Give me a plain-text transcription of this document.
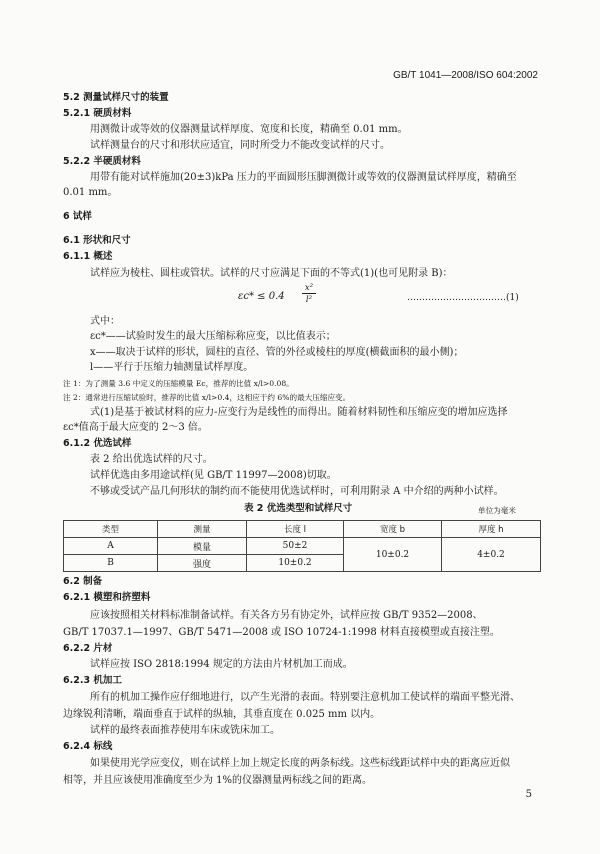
GB/T 1041—2008/ISO 604:2002
5.2 测量试样尺寸的装置
5.2.1 硬质材料
用测微计或等效的仪器测量试样厚度、宽度和长度，精确至 0.01 mm。
试样测量台的尺寸和形状应适宜，同时所受力不能改变试样的尺寸。
5.2.2 半硬质材料
用带有能对试样施加(20±3)kPa 压力的平面圆形压脚测微计或等效的仪器测量试样厚度，精确至
0.01 mm。
6 试样
6.1 形状和尺寸
6.1.1 概述
试样应为棱柱、圆柱或管状。试样的尺寸应满足下面的不等式(1)(也可见附录 B)：
εc* ≤ 0.4
x²
l²	……………………………(1)
式中：
εc*——试验时发生的最大压缩标称应变，以比值表示；
x——取决于试样的形状，圆柱的直径、管的外径或棱柱的厚度(横截面积的最小侧)；
l——平行于压缩力轴测量试样厚度。
注 1：为了测量 3.6 中定义的压缩模量 Ec，推荐的比值 x/l>0.08。
注 2：通常进行压缩试验时，推荐的比值 x/l>0.4，这相应于约 6%的最大压缩应变。
式(1)是基于被试材料的应力-应变行为是线性的而得出。随着材料韧性和压缩应变的增加应选择
εc*值高于最大应变的 2～3 倍。
6.1.2 优选试样
表 2 给出优选试样的尺寸。
试样优选由多用途试样(见 GB/T 11997—2008)切取。
不够或受试产品几何形状的制约而不能使用优选试样时，可利用附录 A 中介绍的两种小试样。
表 2 优选类型和试样尺寸	单位为毫米
类型	测量	长度 l	宽度 b	厚度 h
A	模量	50±2	10±0.2	4±0.2
B	强度	10±0.2		
6.2 制备
6.2.1 模塑和挤塑料
应该按照相关材料标准制备试样。有关各方另有协定外，试样应按 GB/T 9352—2008、
GB/T 17037.1—1997、GB/T 5471—2008 或 ISO 10724-1:1998 材料直接模塑或直接注塑。
6.2.2 片材
试样应按 ISO 2818:1994 规定的方法由片材机加工而成。
6.2.3 机加工
所有的机加工操作应仔细地进行，以产生光滑的表面。特别要注意机加工使试样的端面平整光滑、
边缘锐利清晰，端面垂直于试样的纵轴，其垂直度在 0.025 mm 以内。
试样的最终表面推荐使用车床或铣床加工。
6.2.4 标线
如果使用光学应变仪，则在试样上加上规定长度的两条标线。这些标线距试样中央的距离应近似
相等，并且应该使用准确度至少为 1%的仪器测量两标线之间的距离。
5
